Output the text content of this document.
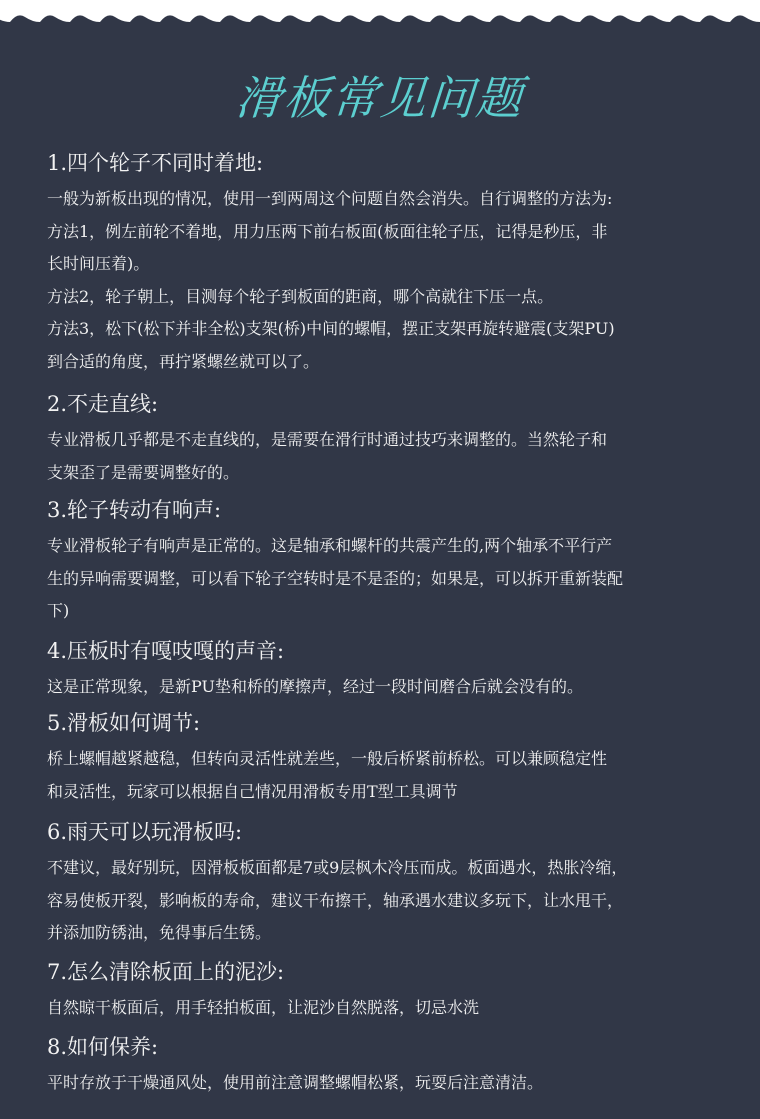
滑板常见问题
1.四个轮子不同时着地:
一般为新板出现的情况，使用一到两周这个问题自然会消失。自行调整的方法为:
方法1，例左前轮不着地，用力压两下前右板面(板面往轮子压，记得是秒压，非
长时间压着)。
方法2，轮子朝上，目测每个轮子到板面的距商，哪个高就往下压一点。
方法3，松下(松下并非全松)支架(桥)中间的螺帽，摆正支架再旋转避震(支架PU)
到合适的角度，再拧紧螺丝就可以了。
2.不走直线:
专业滑板几乎都是不走直线的，是需要在滑行时通过技巧来调整的。当然轮子和
支架歪了是需要调整好的。
3.轮子转动有响声:
专业滑板轮子有响声是正常的。这是轴承和螺杆的共震产生的,两个轴承不平行产
生的异响需要调整，可以看下轮子空转时是不是歪的；如果是，可以拆开重新装配
下)
4.压板时有嘎吱嘎的声音:
这是正常现象，是新PU垫和桥的摩擦声，经过一段时间磨合后就会没有的。
5.滑板如何调节:
桥上螺帽越紧越稳，但转向灵活性就差些，一般后桥紧前桥松。可以兼顾稳定性
和灵活性，玩家可以根据自己情况用滑板专用T型工具调节
6.雨天可以玩滑板吗:
不建议，最好别玩，因滑板板面都是7或9层枫木冷压而成。板面遇水，热胀冷缩，
容易使板开裂，影响板的寿命，建议干布擦干，轴承遇水建议多玩下，让水甩干，
并添加防锈油，免得事后生锈。
7.怎么清除板面上的泥沙:
自然晾干板面后，用手轻拍板面，让泥沙自然脱落，切忌水洗
8.如何保养:
平时存放于干燥通风处，使用前注意调整螺帽松紧，玩耍后注意清洁。
